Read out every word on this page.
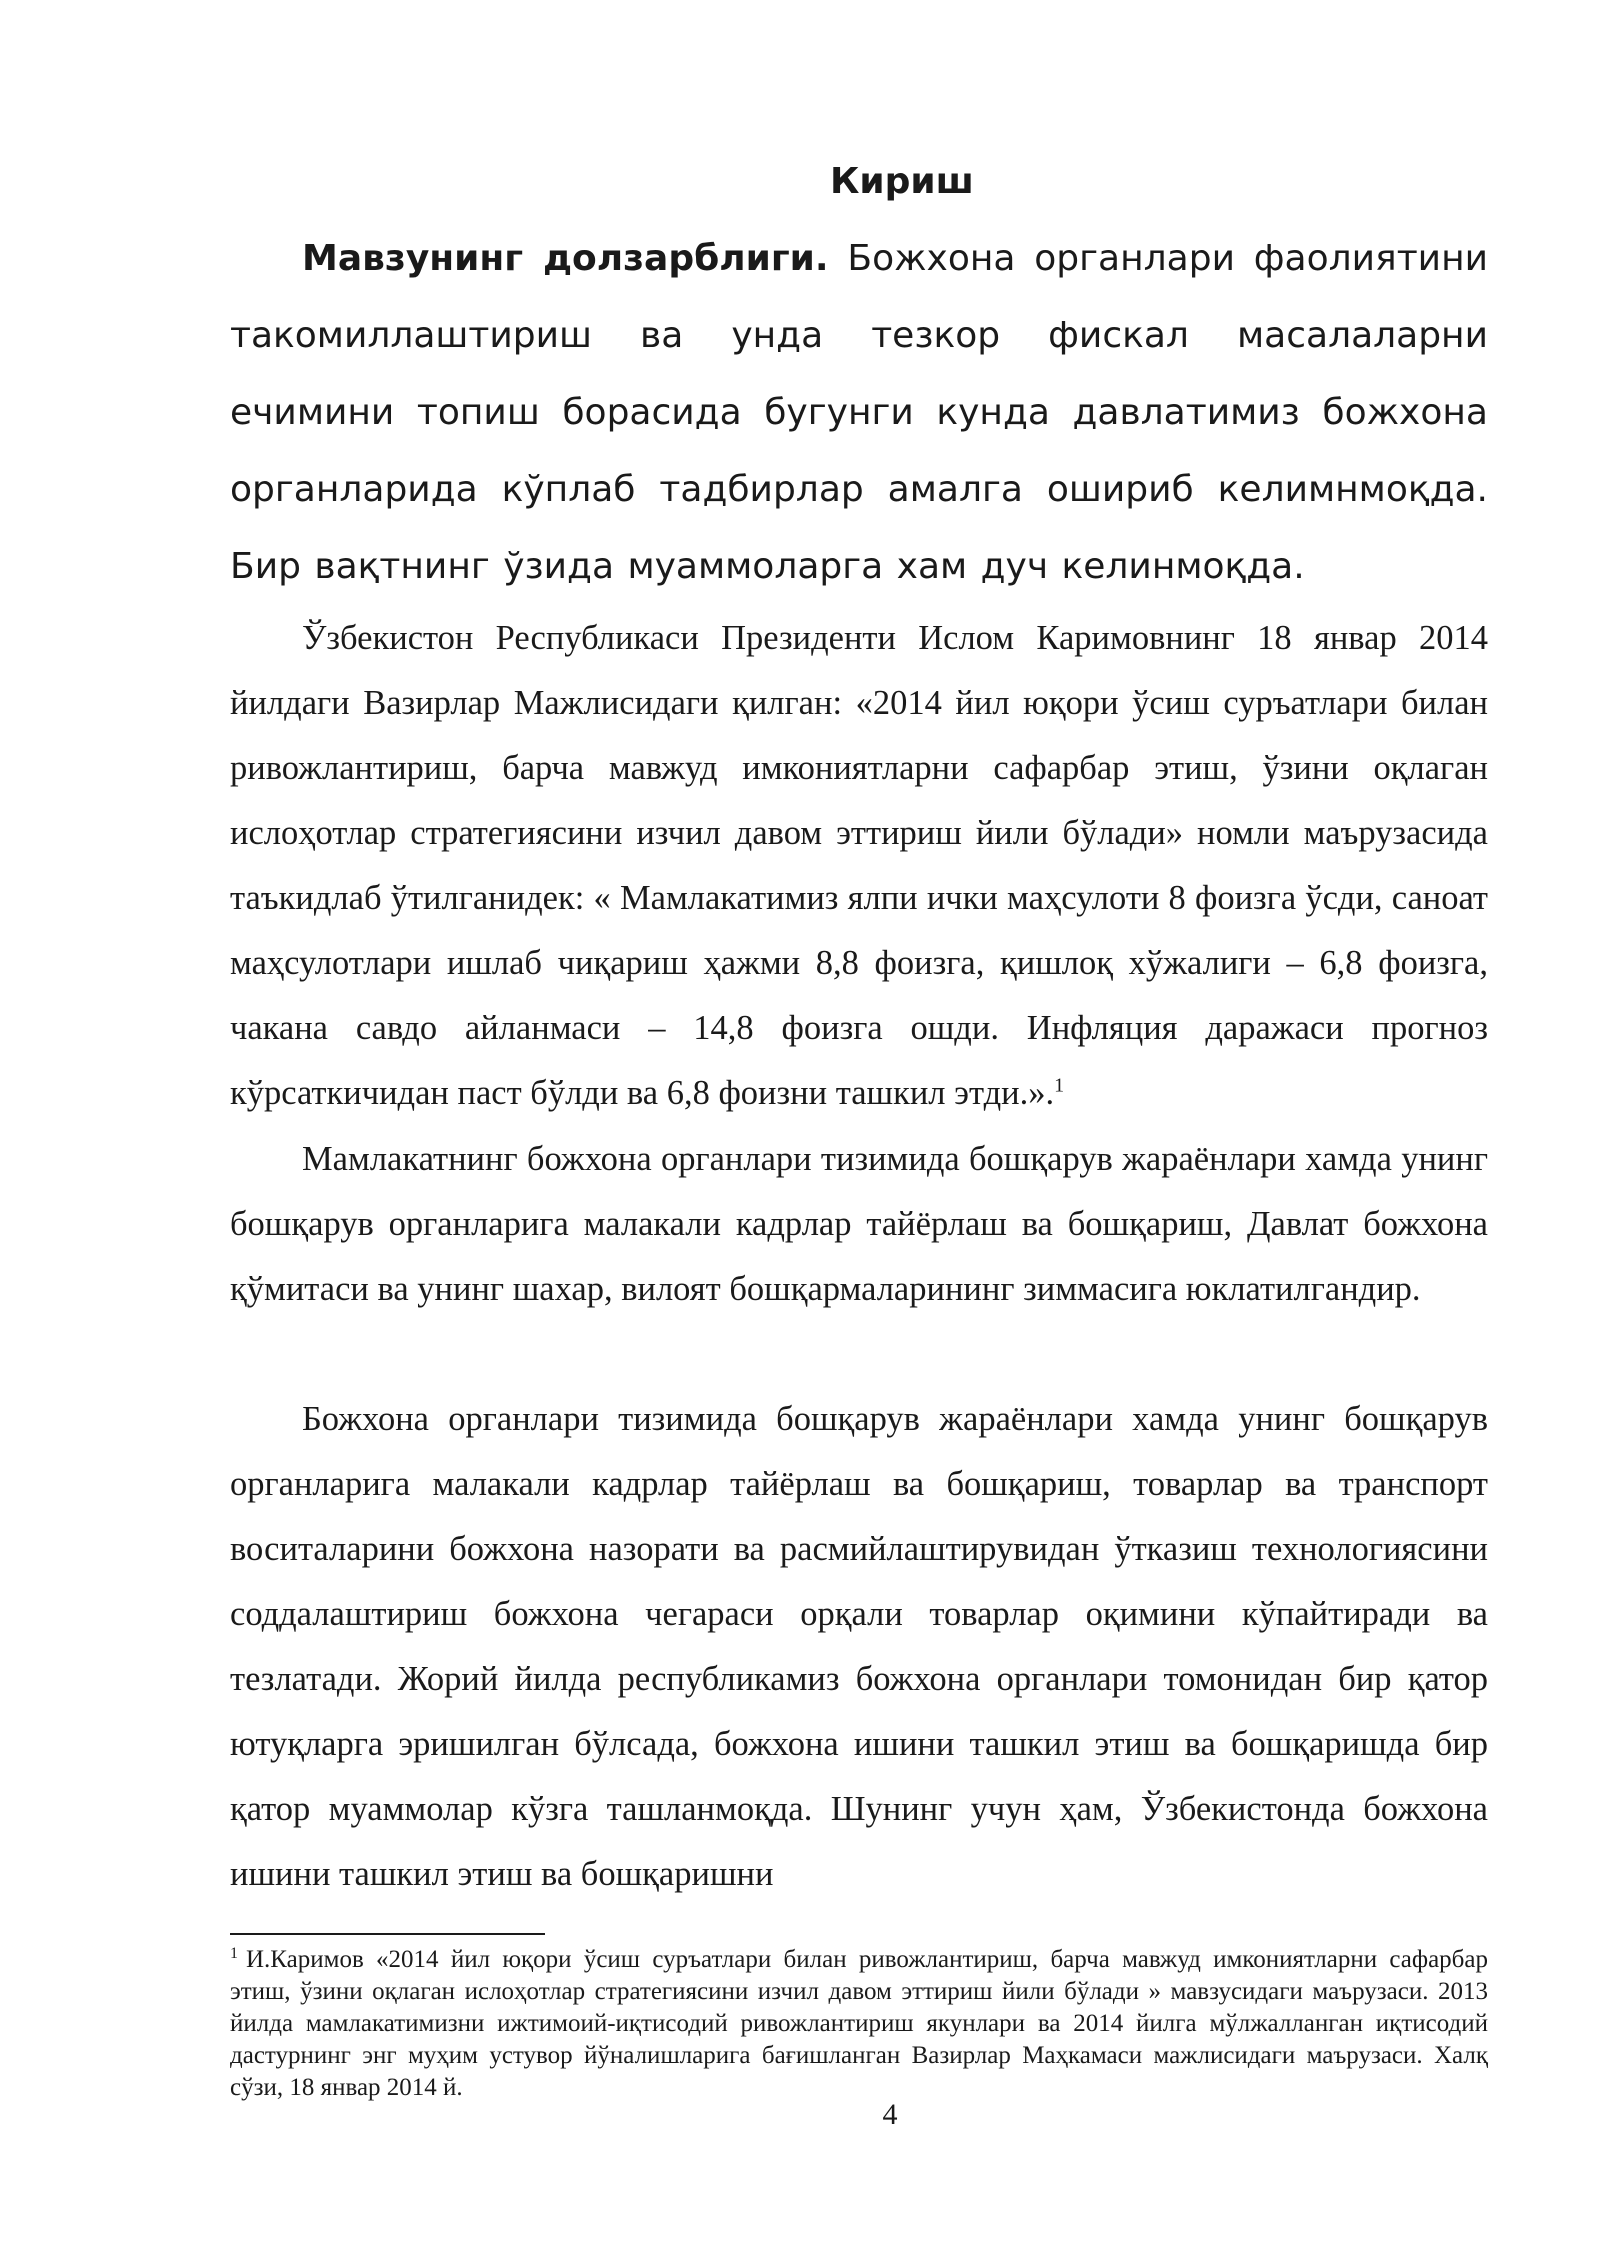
Кириш

Мавзунинг долзарблиги. Божхона органлари фаолиятини такомиллаштириш ва унда тезкор фискал масалаларни ечимини топиш борасида бугунги кунда давлатимиз божхона органларида кўплаб тадбирлар амалга ошириб келимнмоқда. Бир вақтнинг ўзида муаммоларга хам дуч келинмоқда.

Ўзбекистон Республикаси Президенти Ислом Каримовнинг 18 январ 2014 йилдаги Вазирлар Мажлисидаги қилган: «2014 йил юқори ўсиш суръатлари билан ривожлантириш, барча мавжуд имкониятларни сафарбар этиш, ўзини оқлаган ислоҳотлар стратегиясини изчил давом эттириш йили бўлади» номли маърузасида таъкидлаб ўтилганидек: « Мамлакатимиз ялпи ички маҳсулоти 8 фоизга ўсди, саноат маҳсулотлари ишлаб чиқариш ҳажми 8,8 фоизга, қишлоқ хўжалиги – 6,8 фоизга, чакана савдо айланмаси – 14,8 фоизга ошди. Инфляция даражаси прогноз кўрсаткичидан паст бўлди ва 6,8 фоизни ташкил этди.».$^1$

Мамлакатнинг божхона органлари тизимида бошқарув жараёнлари хамда унинг бошқарув органларига малакали кадрлар тайёрлаш ва бошқариш, Давлат божхона қўмитаси ва унинг шахар, вилоят бошқармаларининг зиммасига юклатилгандир.

Божхона органлари тизимида бошқарув жараёнлари хамда унинг бошқарув органларига малакали кадрлар тайёрлаш ва бошқариш, товарлар ва транспорт воситаларини божхона назорати ва расмийлаштирувидан ўтказиш технологиясини соддалаштириш божхона чегараси орқали товарлар оқимини кўпайтиради ва тезлатади. Жорий йилда республикамиз божхона органлари томонидан бир қатор ютуқларга эришилган бўлсада, божхона ишини ташкил этиш ва бошқаришда бир қатор муаммолар кўзга ташланмоқда. Шунинг учун ҳам, Ўзбекистонда божхона ишини ташкил этиш ва бошқаришни

$^1$ И.Каримов «2014 йил юқори ўсиш суръатлари билан ривожлантириш, барча мавжуд имкониятларни сафарбар этиш, ўзини оқлаган ислоҳотлар стратегиясини изчил давом эттириш йили бўлади » мавзусидаги маърузаси. 2013 йилда мамлакатимизни ижтимоий-иқтисодий ривожлантириш якунлари ва 2014 йилга мўлжалланган иқтисодий дастурнинг энг муҳим устувор йўналишларига бағишланган Вазирлар Маҳкамаси мажлисидаги маърузаси. Халқ сўзи, 18 январ 2014 й.

4
